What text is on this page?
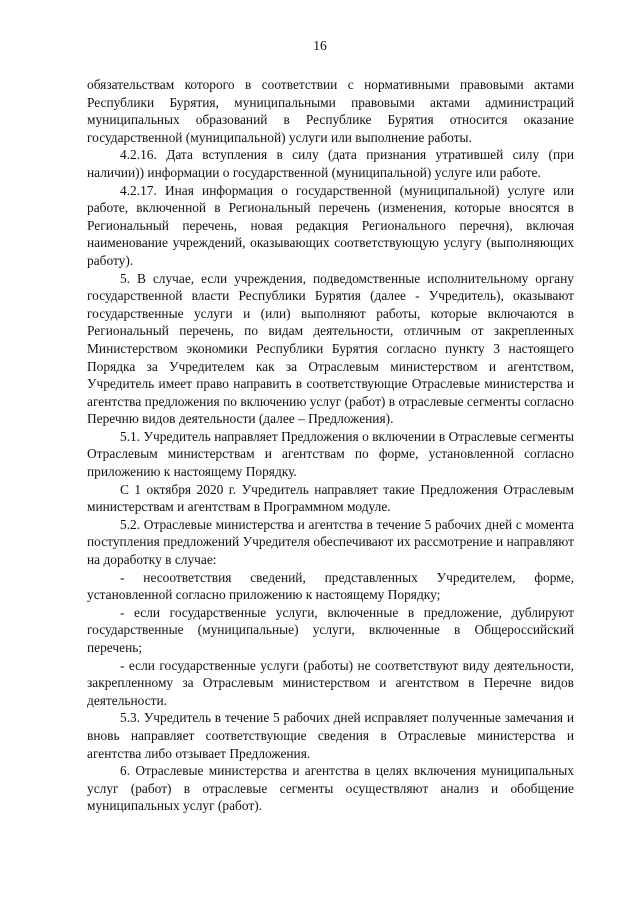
16

обязательствам которого в соответствии с нормативными правовыми актами Республики Бурятия, муниципальными правовыми актами администраций муниципальных образований в Республике Бурятия относится оказание государственной (муниципальной) услуги или выполнение работы.

4.2.16. Дата вступления в силу (дата признания утратившей силу (при наличии)) информации о государственной (муниципальной) услуге или работе.

4.2.17. Иная информация о государственной (муниципальной) услуге или работе, включенной в Региональный перечень (изменения, которые вносятся в Региональный перечень, новая редакция Регионального перечня), включая наименование учреждений, оказывающих соответствующую услугу (выполняющих работу).

5. В случае, если учреждения, подведомственные исполнительному органу государственной власти Республики Бурятия (далее - Учредитель), оказывают государственные услуги и (или) выполняют работы, которые включаются в Региональный перечень, по видам деятельности, отличным от закрепленных Министерством экономики Республики Бурятия согласно пункту 3 настоящего Порядка за Учредителем как за Отраслевым министерством и агентством, Учредитель имеет право направить в соответствующие Отраслевые министерства и агентства предложения по включению услуг (работ) в отраслевые сегменты согласно Перечню видов деятельности (далее – Предложения).

5.1. Учредитель направляет Предложения о включении в Отраслевые сегменты Отраслевым министерствам и агентствам по форме, установленной согласно приложению к настоящему Порядку.

С 1 октября 2020 г. Учредитель направляет такие Предложения Отраслевым министерствам и агентствам в Программном модуле.

5.2. Отраслевые министерства и агентства в течение 5 рабочих дней с момента поступления предложений Учредителя обеспечивают их рассмотрение и направляют на доработку в случае:

- несоответствия сведений, представленных Учредителем, форме, установленной согласно приложению к настоящему Порядку;

- если государственные услуги, включенные в предложение, дублируют государственные (муниципальные) услуги, включенные в Общероссийский перечень;

- если государственные услуги (работы) не соответствуют виду деятельности, закрепленному за Отраслевым министерством и агентством в Перечне видов деятельности.

5.3. Учредитель в течение 5 рабочих дней исправляет полученные замечания и вновь направляет соответствующие сведения в Отраслевые министерства и агентства либо отзывает Предложения.

6. Отраслевые министерства и агентства в целях включения муниципальных услуг (работ) в отраслевые сегменты осуществляют анализ и обобщение муниципальных услуг (работ).
